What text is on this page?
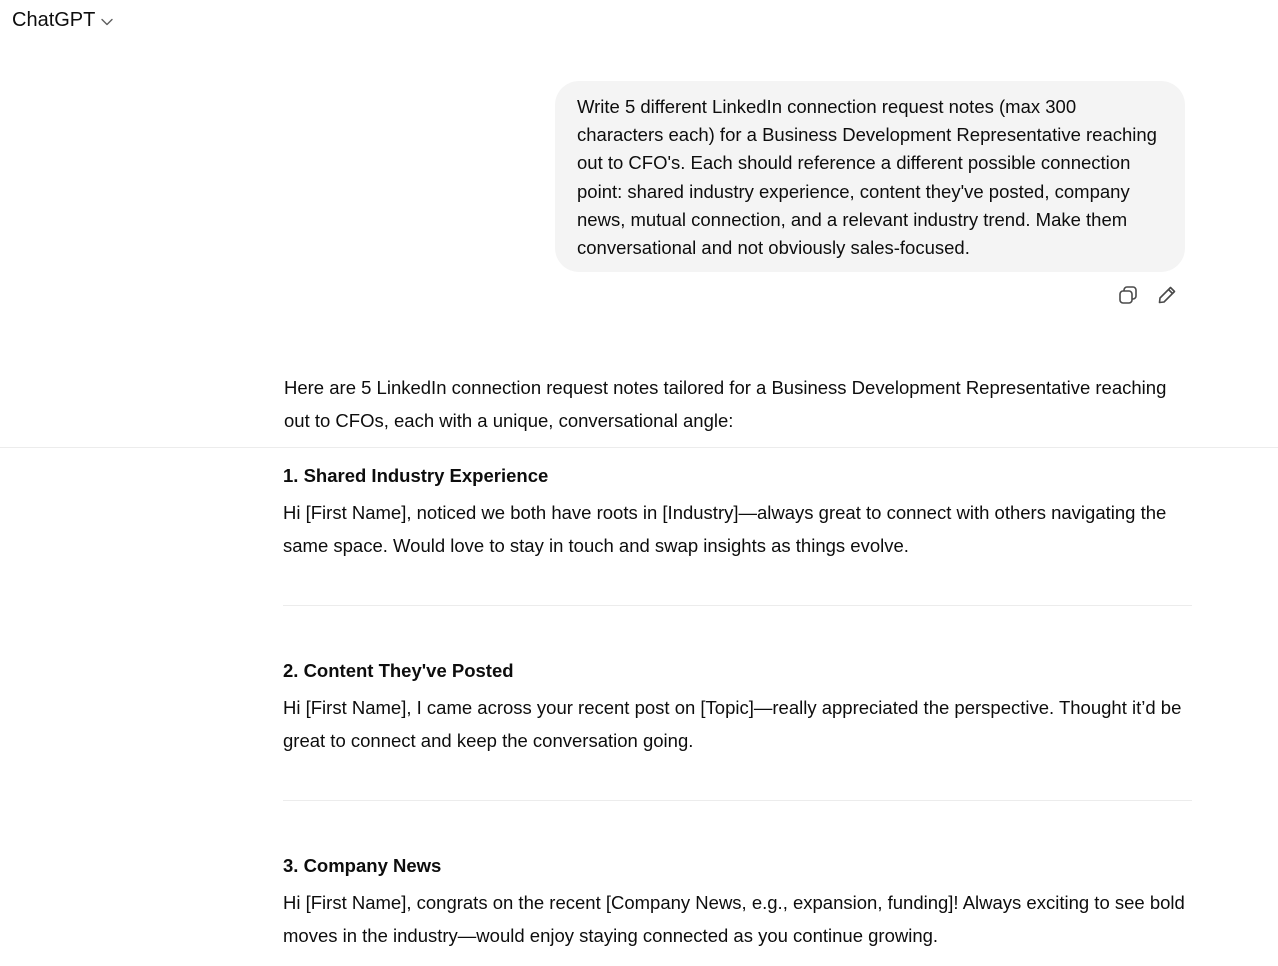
ChatGPT
Write 5 different LinkedIn connection request notes (max 300 characters each) for a Business Development Representative reaching out to CFO's. Each should reference a different possible connection point: shared industry experience, content they've posted, company news, mutual connection, and a relevant industry trend. Make them conversational and not obviously sales-focused.
Here are 5 LinkedIn connection request notes tailored for a Business Development Representative reaching out to CFOs, each with a unique, conversational angle:
1. Shared Industry Experience

Hi [First Name], noticed we both have roots in [Industry]—always great to connect with others navigating the same space. Would love to stay in touch and swap insights as things evolve.

2. Content They've Posted

Hi [First Name], I came across your recent post on [Topic]—really appreciated the perspective. Thought it’d be great to connect and keep the conversation going.

3. Company News

Hi [First Name], congrats on the recent [Company News, e.g., expansion, funding]! Always exciting to see bold moves in the industry—would enjoy staying connected as you continue growing.
